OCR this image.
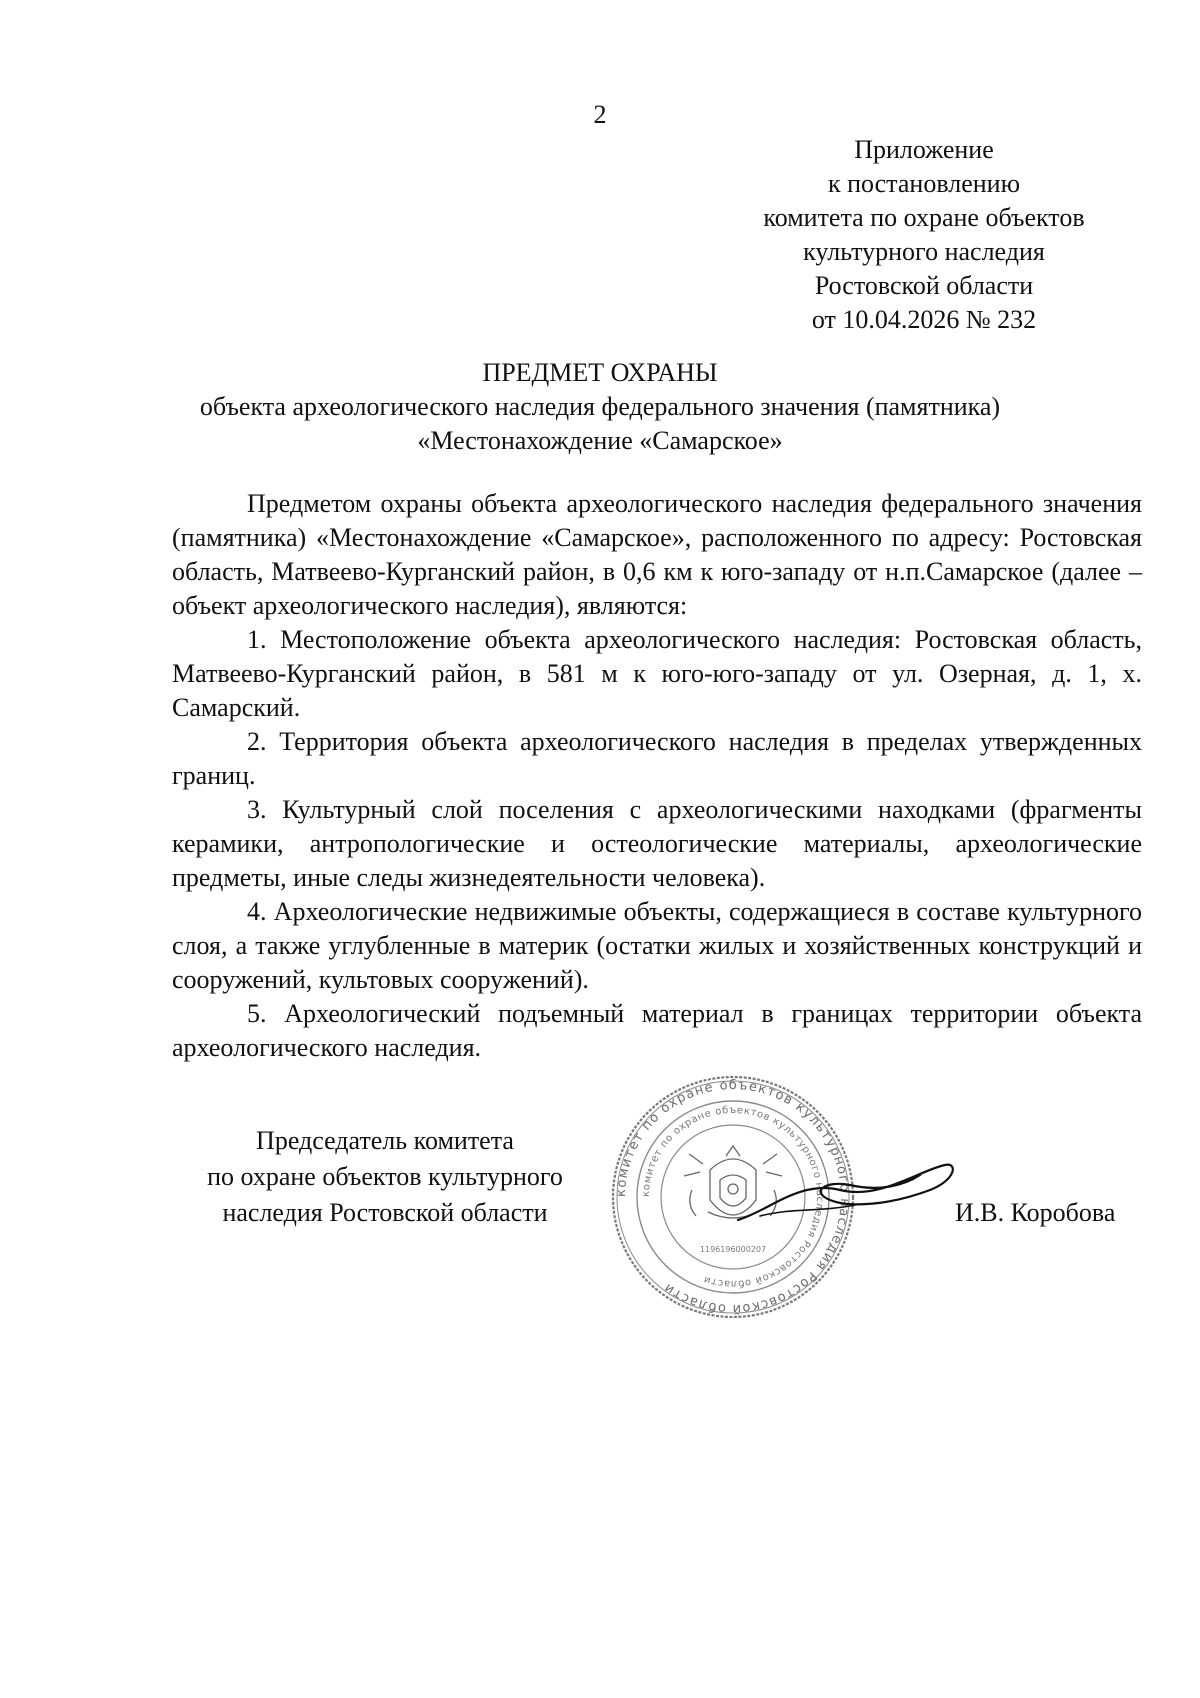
2
Приложение
к постановлению
комитета по охране объектов
культурного наследия
Ростовской области
от 10.04.2026 № 232
ПРЕДМЕТ ОХРАНЫ
объекта археологического наследия федерального значения (памятника)
«Местонахождение «Самарское»

Предметом охраны объекта археологического наследия федерального значения (памятника) «Местонахождение «Самарское», расположенного по адресу: Ростовская область, Матвеево-Курганский район, в 0,6 км к юго-западу от н.п.Самарское (далее – объект археологического наследия), являются:

1. Местоположение объекта археологического наследия: Ростовская область, Матвеево-Курганский район, в 581 м к юго-юго-западу от ул. Озерная, д. 1, х. Самарский.

2. Территория объекта археологического наследия в пределах утвержденных границ.

3. Культурный слой поселения с археологическими находками (фрагменты керамики, антропологические и остеологические материалы, археологические предметы, иные следы жизнедеятельности человека).

4. Археологические недвижимые объекты, содержащиеся в составе культурного слоя, а также углубленные в материк (остатки жилых и хозяйственных конструкций и сооружений, культовых сооружений).

5. Археологический подъемный материал в границах территории объекта археологического наследия.

Председатель комитета
по охране объектов культурного
наследия Ростовской области
комитет по охране объектов культурного наследия Ростовской области
комитет по охране объектов культурного наследия Ростовской области
1196196000207
И.В. Коробова
